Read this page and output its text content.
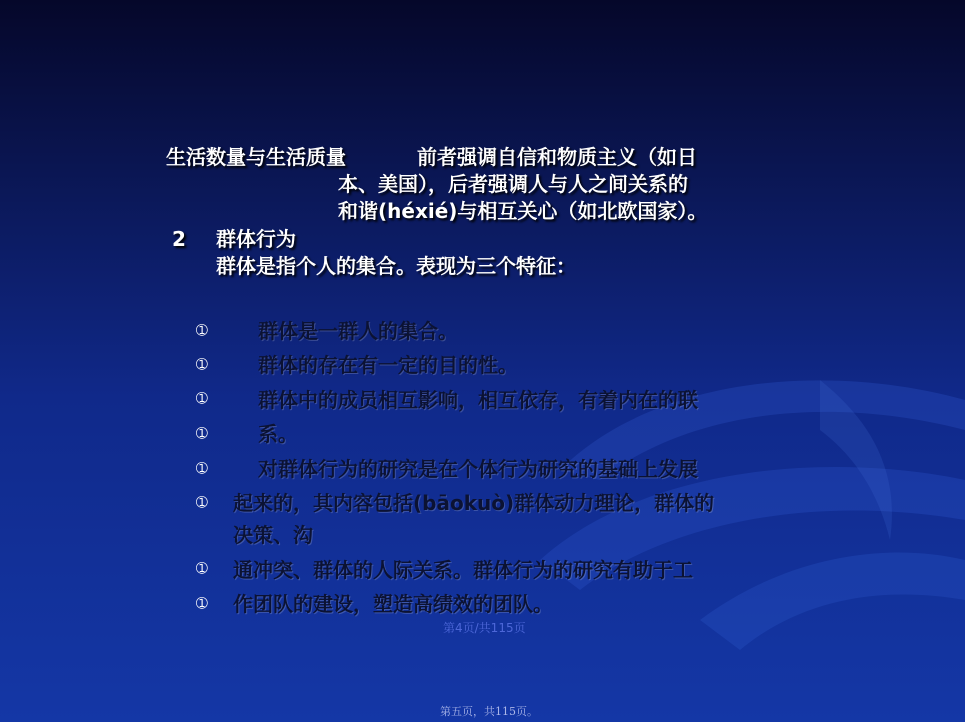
生活数量与生活质量	前者强调自信和物质主义（如日
本、美国），后者强调人与人之间关系的
和谐(héxié)与相互关心（如北欧国家）。
2 群体行为
群体是指个人的集合。表现为三个特征：
➀	群体是一群人的集合。
➀	群体的存在有一定的目的性。
➀	群体中的成员相互影响，相互依存，有着内在的联
➀	系。
➀	对群体行为的研究是在个体行为研究的基础上发展
➀ 起来的，其内容包括(bāokuò)群体动力理论，群体的
决策、沟
➀ 通冲突、群体的人际关系。群体行为的研究有助于工
➀ 作团队的建设，塑造高绩效的团队。
第4页/共115页
第五页，共115页。
